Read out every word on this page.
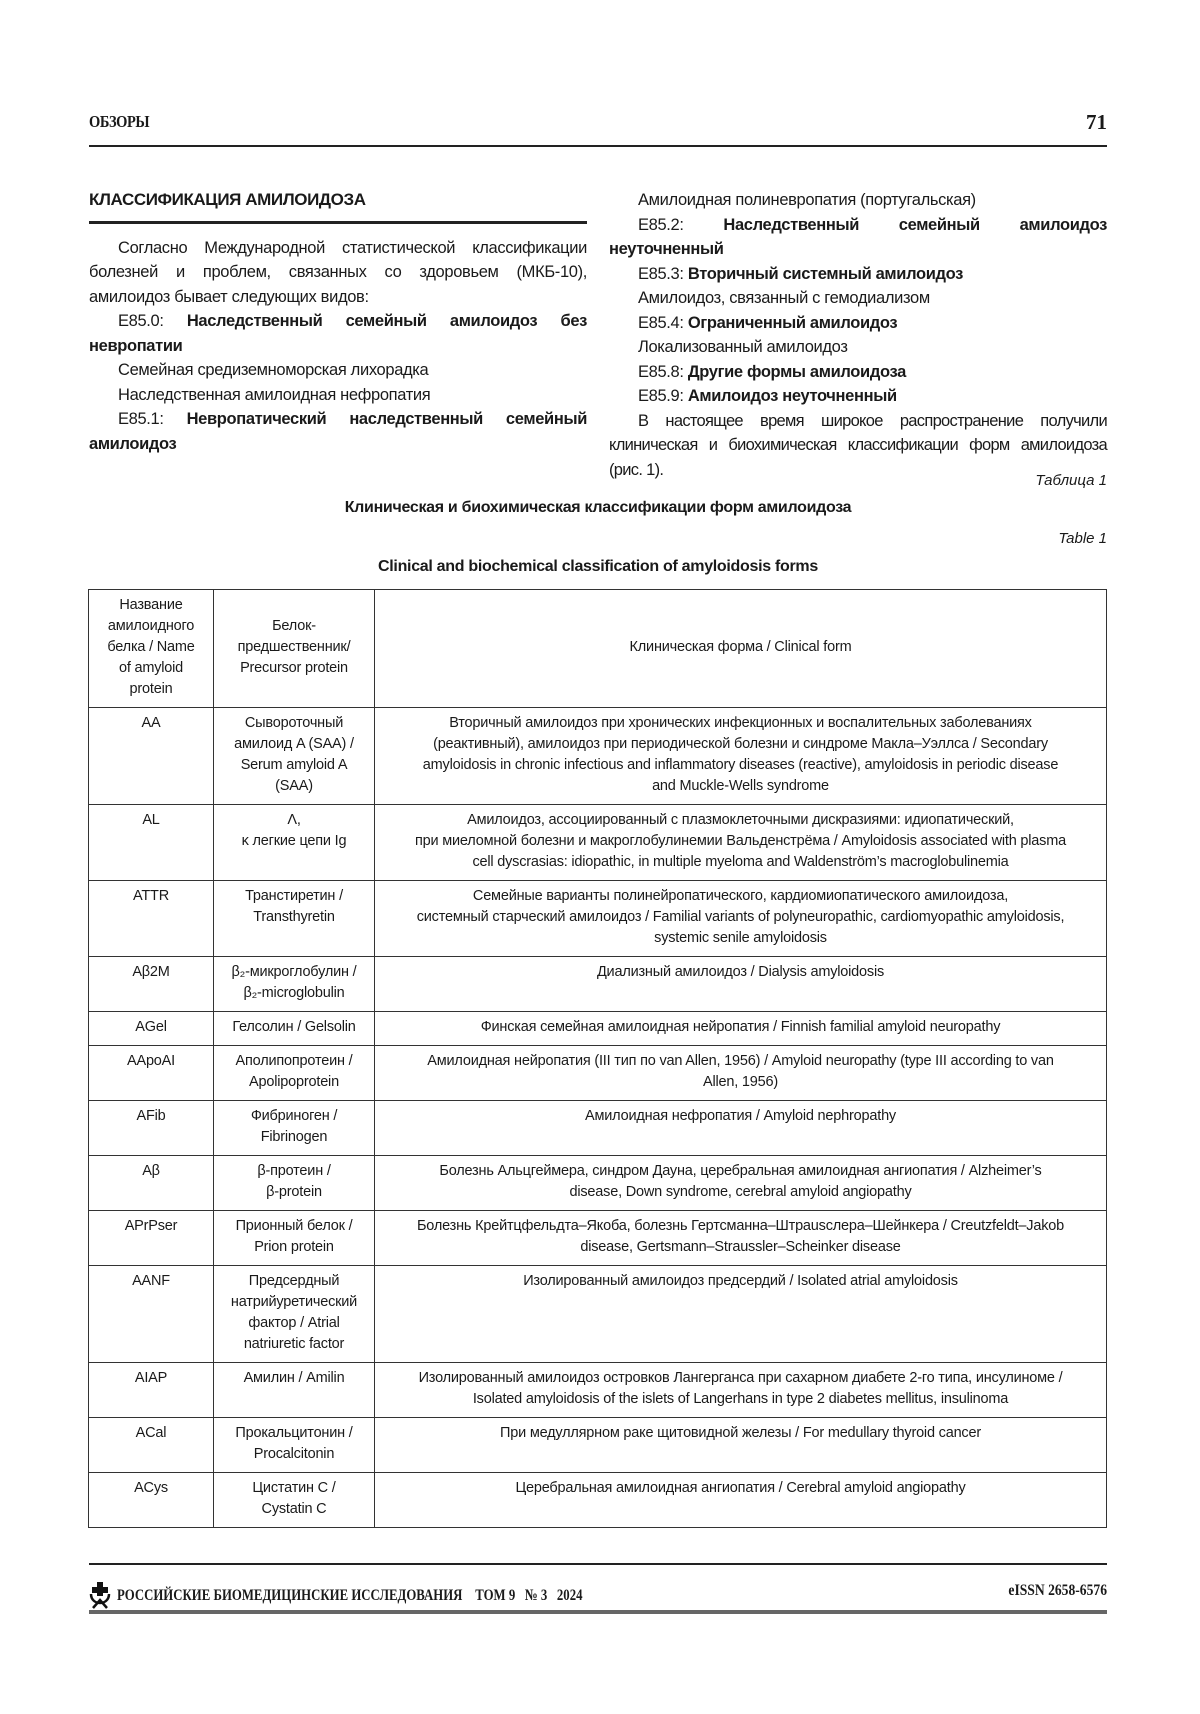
ОБЗОРЫ	71
КЛАССИФИКАЦИЯ АМИЛОИДОЗА

Согласно Международной статистической классификации болезней и проблем, связанных со здоровьем (МКБ-10), амилоидоз бывает следующих видов:

E85.0: Наследственный семейный амилоидоз без невропатии

Семейная средиземноморская лихорадка

Наследственная амилоидная нефропатия

E85.1: Невропатический наследственный семейный амилоидоз

Амилоидная полиневропатия (португальская)

E85.2: Наследственный семейный амилоидоз неуточненный

E85.3: Вторичный системный амилоидоз

Амилоидоз, связанный с гемодиализом

E85.4: Ограниченный амилоидоз

Локализованный амилоидоз

E85.8: Другие формы амилоидоза

E85.9: Амилоидоз неуточненный

В настоящее время широкое распространение получили клиническая и биохимическая классификации форм амилоидоза (рис. 1).

Таблица 1
Клиническая и биохимическая классификации форм амилоидоза
Table 1
Clinical and biochemical classification of amyloidosis forms
Название
амилоидного
белка / Name
of amyloid
protein	Белок-
предшественник/
Precursor protein	Клиническая форма / Clinical form
AA	Сывороточный
амилоид A (SAA) /
Serum amyloid A
(SAA)	Вторичный амилоидоз при хронических инфекционных и воспалительных заболеваниях
(реактивный), амилоидоз при периодической болезни и синдроме Макла–Уэллса / Secondary
amyloidosis in chronic infectious and inflammatory diseases (reactive), amyloidosis in periodic disease
and Muckle-Wells syndrome
AL	Λ,
κ легкие цепи Ig	Амилоидоз, ассоциированный с плазмоклеточными дискразиями: идиопатический,
при миеломной болезни и макроглобулинемии Вальденстрёма / Amyloidosis associated with plasma
cell dyscrasias: idiopathic, in multiple myeloma and Waldenström’s macroglobulinemia
ATTR	Транстиретин /
Transthyretin	Семейные варианты полинейропатического, кардиомиопатического амилоидоза,
системный старческий амилоидоз / Familial variants of polyneuropathic, cardiomyopathic amyloidosis,
systemic senile amyloidosis
Aβ2M	β₂-микроглобулин /
β₂-microglobulin	Диализный амилоидоз / Dialysis amyloidosis
AGel	Гелсолин / Gelsolin	Финская семейная амилоидная нейропатия / Finnish familial amyloid neuropathy
AApoAI	Аполипопротеин /
Apolipoprotein	Амилоидная нейропатия (III тип по van Allen, 1956) / Amyloid neuropathy (type III according to van
Allen, 1956)
AFib	Фибриноген /
Fibrinogen	Амилоидная нефропатия / Amyloid nephropathy
Aβ	β-протеин /
β-protein	Болезнь Альцгеймера, синдром Дауна, церебральная амилоидная ангиопатия / Alzheimer’s
disease, Down syndrome, cerebral amyloid angiopathy
APrPser	Прионный белок /
Prion protein	Болезнь Крейтцфельдта–Якоба, болезнь Гертсманна–Штрausслера–Шейнкера / Creutzfeldt–Jakob
disease, Gertsmann–Straussler–Scheinker disease
AANF	Предсердный
натрийуретический
фактор / Atrial
natriuretic factor	Изолированный амилоидоз предсердий / Isolated atrial amyloidosis
AIAP	Амилин / Amilin	Изолированный амилоидоз островков Лангерганса при сахарном диабете 2-го типа, инсулиноме /
Isolated amyloidosis of the islets of Langerhans in type 2 diabetes mellitus, insulinoma
ACal	Прокальцитонин /
Procalcitonin	При медуллярном раке щитовидной железы / For medullary thyroid cancer
ACys	Цистатин C /
Cystatin C	Церебральная амилоидная ангиопатия / Cerebral amyloid angiopathy
РОССИЙСКИЕ БИОМЕДИЦИНСКИЕ ИССЛЕДОВАНИЯ ТОМ 9 № 3 2024	eISSN 2658-6576
